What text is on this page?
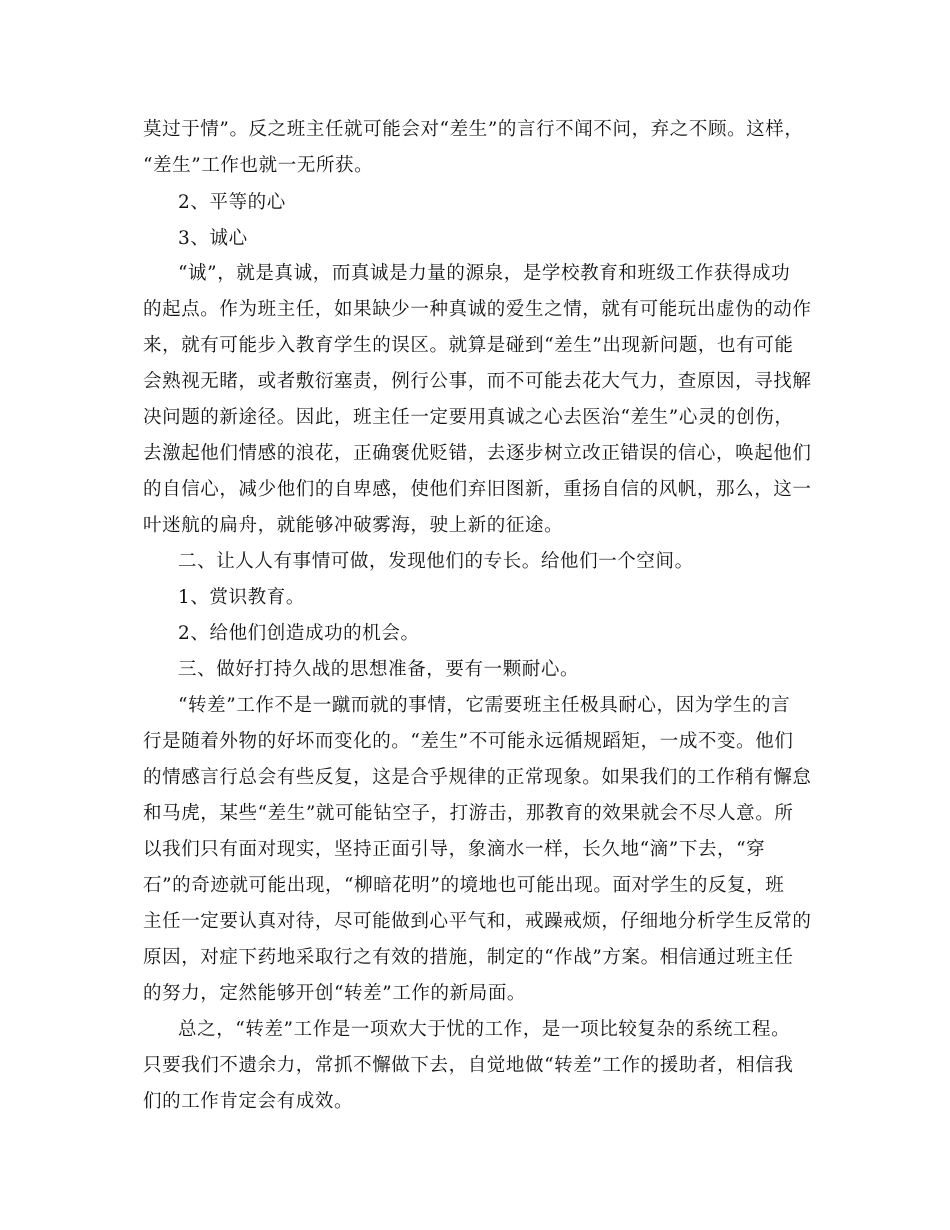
莫过于情”。反之班主任就可能会对“差生”的言行不闻不问，弃之不顾。这样，
“差生”工作也就一无所获。
2、平等的心
3、诚心
“诚”，就是真诚，而真诚是力量的源泉，是学校教育和班级工作获得成功
的起点。作为班主任，如果缺少一种真诚的爱生之情，就有可能玩出虚伪的动作
来，就有可能步入教育学生的误区。就算是碰到“差生”出现新问题，也有可能
会熟视无睹，或者敷衍塞责，例行公事，而不可能去花大气力，查原因，寻找解
决问题的新途径。因此，班主任一定要用真诚之心去医治“差生”心灵的创伤，
去激起他们情感的浪花，正确褒优贬错，去逐步树立改正错误的信心，唤起他们
的自信心，减少他们的自卑感，使他们弃旧图新，重扬自信的风帆，那么，这一
叶迷航的扁舟，就能够冲破雾海，驶上新的征途。
二、让人人有事情可做，发现他们的专长。给他们一个空间。
1、赏识教育。
2、给他们创造成功的机会。
三、做好打持久战的思想准备，要有一颗耐心。
“转差”工作不是一蹴而就的事情，它需要班主任极具耐心，因为学生的言
行是随着外物的好坏而变化的。“差生”不可能永远循规蹈矩，一成不变。他们
的情感言行总会有些反复，这是合乎规律的正常现象。如果我们的工作稍有懈怠
和马虎，某些“差生”就可能钻空子，打游击，那教育的效果就会不尽人意。所
以我们只有面对现实，坚持正面引导，象滴水一样，长久地“滴”下去，“穿
石”的奇迹就可能出现，“柳暗花明”的境地也可能出现。面对学生的反复，班
主任一定要认真对待，尽可能做到心平气和，戒躁戒烦，仔细地分析学生反常的
原因，对症下药地采取行之有效的措施，制定的“作战”方案。相信通过班主任
的努力，定然能够开创“转差”工作的新局面。
总之，“转差”工作是一项欢大于忧的工作，是一项比较复杂的系统工程。
只要我们不遗余力，常抓不懈做下去，自觉地做“转差”工作的援助者，相信我
们的工作肯定会有成效。
